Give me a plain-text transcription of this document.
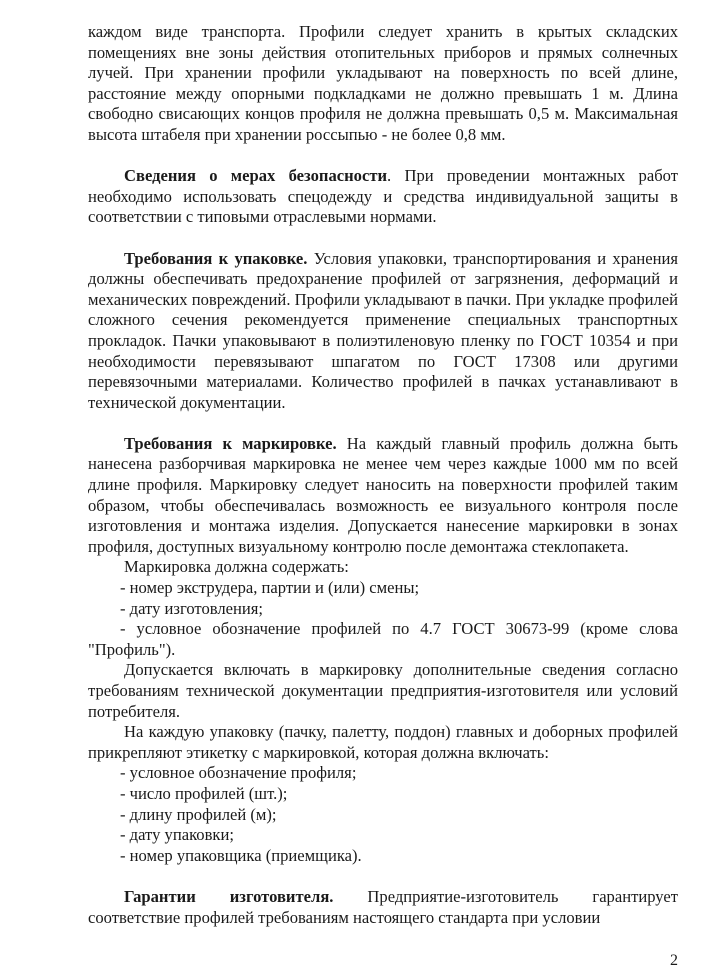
каждом виде транспорта. Профили следует хранить в крытых складских помещениях вне зоны действия отопительных приборов и прямых солнечных лучей. При хранении профили укладывают на поверхность по всей длине, расстояние между опорными подкладками не должно превышать 1 м. Длина свободно свисающих концов профиля не должна превышать 0,5 м. Максимальная высота штабеля при хранении россыпью - не более 0,8 мм.

Сведения о мерах безопасности. При проведении монтажных работ необходимо использовать спецодежду и средства индивидуальной защиты в соответствии с типовыми отраслевыми нормами.

Требования к упаковке. Условия упаковки, транспортирования и хранения должны обеспечивать предохранение профилей от загрязнения, деформаций и механических повреждений. Профили укладывают в пачки. При укладке профилей сложного сечения рекомендуется применение специальных транспортных прокладок. Пачки упаковывают в полиэтиленовую пленку по ГОСТ 10354 и при необходимости перевязывают шпагатом по ГОСТ 17308 или другими перевязочными материалами. Количество профилей в пачках устанавливают в технической документации.

Требования к маркировке. На каждый главный профиль должна быть нанесена разборчивая маркировка не менее чем через каждые 1000 мм по всей длине профиля. Маркировку следует наносить на поверхности профилей таким образом, чтобы обеспечивалась возможность ее визуального контроля после изготовления и монтажа изделия. Допускается нанесение маркировки в зонах профиля, доступных визуальному контролю после демонтажа стеклопакета.

Маркировка должна содержать:

- номер экструдера, партии и (или) смены;
- дату изготовления;
- условное обозначение профилей по 4.7 ГОСТ 30673-99 (кроме слова "Профиль").

Допускается включать в маркировку дополнительные сведения согласно требованиям технической документации предприятия-изготовителя или условий потребителя.

На каждую упаковку (пачку, палетту, поддон) главных и доборных профилей прикрепляют этикетку с маркировкой, которая должна включать:

- условное обозначение профиля;
- число профилей (шт.);
- длину профилей (м);
- дату упаковки;
- номер упаковщика (приемщика).

Гарантии изготовителя. Предприятие-изготовитель гарантирует соответствие профилей требованиям настоящего стандарта при условии

2
